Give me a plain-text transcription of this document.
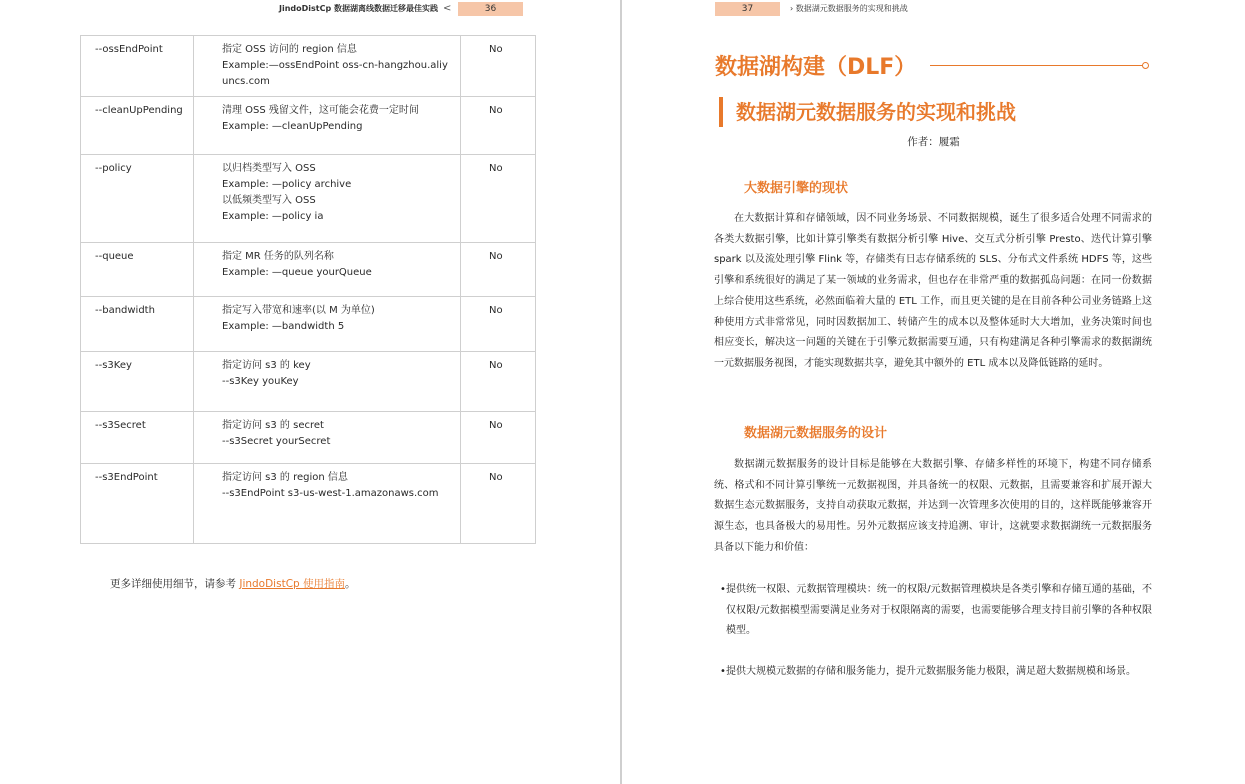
JindoDistCp 数据湖离线数据迁移最佳实践 <	36
--ossEndPoint	指定 OSS 访问的 region 信息
Example:—ossEndPoint oss-cn-hangzhou.aliyuncs.com	No
--cleanUpPending	清理 OSS 残留文件，这可能会花费一定时间
Example: —cleanUpPending	No
--policy	以归档类型写入 OSS
Example: —policy archive
以低频类型写入 OSS
Example: —policy ia	No
--queue	指定 MR 任务的队列名称
Example: —queue yourQueue	No
--bandwidth	指定写入带宽和速率(以 M 为单位)
Example: —bandwidth 5	No
--s3Key	指定访问 s3 的 key
--s3Key youKey	No
--s3Secret	指定访问 s3 的 secret
--s3Secret yourSecret	No
--s3EndPoint	指定访问 s3 的 region 信息
--s3EndPoint s3-us-west-1.amazonaws.com	No
更多详细使用细节，请参考 JindoDistCp 使用指南。
37	› 数据湖元数据服务的实现和挑战
数据湖构建（DLF）
数据湖元数据服务的实现和挑战
作者：履霜
大数据引擎的现状
在大数据计算和存储领域，因不同业务场景、不同数据规模，诞生了很多适合处理不同需求的各类大数据引擎，比如计算引擎类有数据分析引擎 Hive、交互式分析引擎 Presto、迭代计算引擎 spark 以及流处理引擎 Flink 等，存储类有日志存储系统的 SLS、分布式文件系统 HDFS 等，这些引擎和系统很好的满足了某一领域的业务需求，但也存在非常严重的数据孤岛问题：在同一份数据上综合使用这些系统，必然面临着大量的 ETL 工作，而且更关键的是在目前各种公司业务链路上这种使用方式非常常见，同时因数据加工、转储产生的成本以及整体延时大大增加，业务决策时间也相应变长，解决这一问题的关键在于引擎元数据需要互通，只有构建满足各种引擎需求的数据湖统一元数据服务视图，才能实现数据共享，避免其中额外的 ETL 成本以及降低链路的延时。
数据湖元数据服务的设计
数据湖元数据服务的设计目标是能够在大数据引擎、存储多样性的环境下，构建不同存储系统、格式和不同计算引擎统一元数据视图，并具备统一的权限、元数据，且需要兼容和扩展开源大数据生态元数据服务，支持自动获取元数据，并达到一次管理多次使用的目的，这样既能够兼容开源生态，也具备极大的易用性。另外元数据应该支持追溯、审计，这就要求数据湖统一元数据服务具备以下能力和价值：
• 提供统一权限、元数据管理模块：统一的权限/元数据管理模块是各类引擎和存储互通的基础，不仅权限/元数据模型需要满足业务对于权限隔离的需要，也需要能够合理支持目前引擎的各种权限模型。
• 提供大规模元数据的存储和服务能力，提升元数据服务能力极限，满足超大数据规模和场景。
